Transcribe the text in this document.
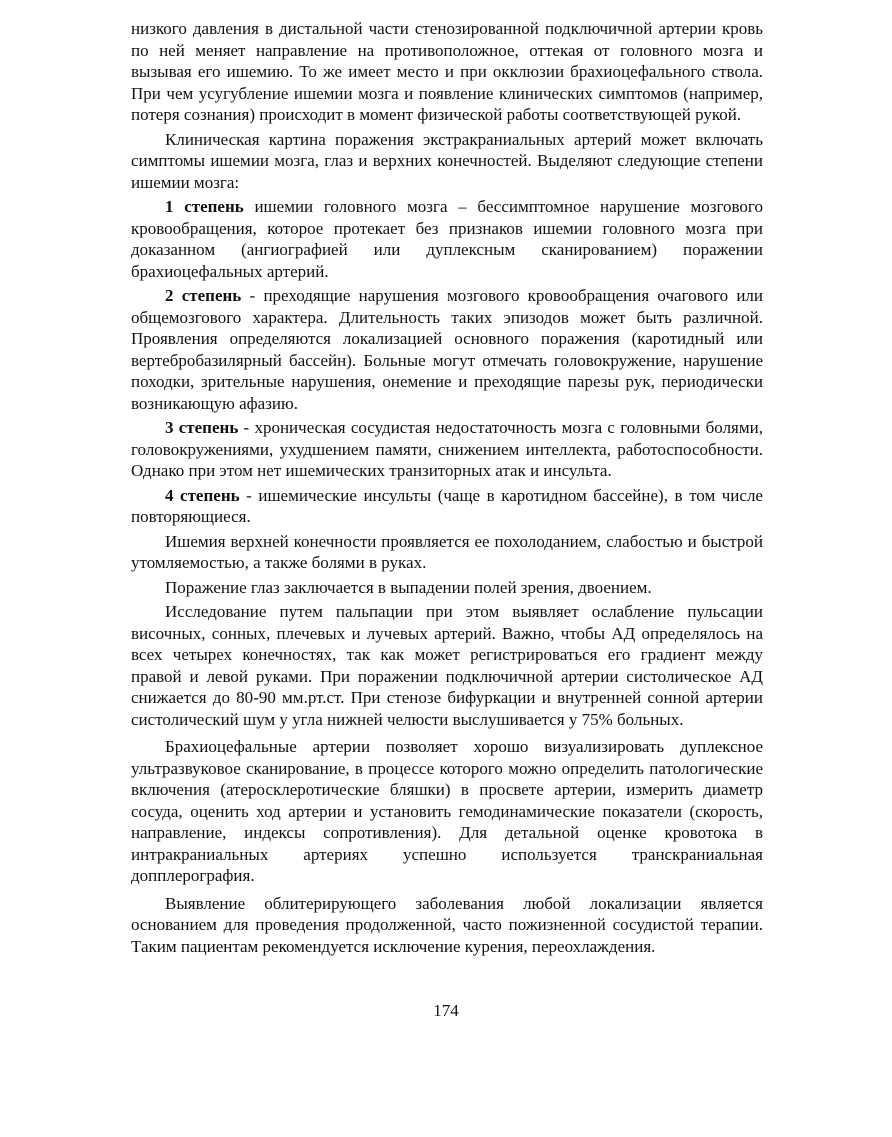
низкого давления в дистальной части стенозированной подключичной артерии кровь по ней меняет направление на противоположное, оттекая от головного мозга и вызывая его ишемию. То же имеет место и при окклюзии брахиоцефального ствола. При чем усугубление ишемии мозга и появление клинических симптомов (например, потеря сознания) происходит в момент физической работы соответствующей рукой.

Клиническая картина поражения экстракраниальных артерий может включать симптомы ишемии мозга, глаз и верхних конечностей. Выделяют следующие степени ишемии мозга:

1 степень ишемии головного мозга – бессимптомное нарушение мозгового кровообращения, которое протекает без признаков ишемии головного мозга при доказанном (ангиографией или дуплексным сканированием) поражении брахиоцефальных артерий.

2 степень - преходящие нарушения мозгового кровообращения очагового или общемозгового характера. Длительность таких эпизодов может быть различной. Проявления определяются локализацией основного поражения (каротидный или вертебробазилярный бассейн). Больные могут отмечать головокружение, нарушение походки, зрительные нарушения, онемение и преходящие парезы рук, периодически возникающую афазию.

3 степень - хроническая сосудистая недостаточность мозга с головными болями, головокружениями, ухудшением памяти, снижением интеллекта, работоспособности. Однако при этом нет ишемических транзиторных атак и инсульта.

4 степень - ишемические инсульты (чаще в каротидном бассейне), в том числе повторяющиеся.

Ишемия верхней конечности проявляется ее похолоданием, слабостью и быстрой утомляемостью, а также болями в руках.

Поражение глаз заключается в выпадении полей зрения, двоением.

Исследование путем пальпации при этом выявляет ослабление пульсации височных, сонных, плечевых и лучевых артерий. Важно, чтобы АД определялось на всех четырех конечностях, так как может регистрироваться его градиент между правой и левой руками. При поражении подключичной артерии систолическое АД снижается до 80-90 мм.рт.ст. При стенозе бифуркации и внутренней сонной артерии систолический шум у угла нижней челюсти выслушивается у 75% больных.

Брахиоцефальные артерии позволяет хорошо визуализировать дуплексное ультразвуковое сканирование, в процессе которого можно определить патологические включения (атеросклеротические бляшки) в просвете артерии, измерить диаметр сосуда, оценить ход артерии и установить гемодинамические показатели (скорость, направление, индексы сопротивления). Для детальной оценке кровотока в интракраниальных артериях успешно используется транскраниальная допплерография.

Выявление облитерирующего заболевания любой локализации является основанием для проведения продолженной, часто пожизненной сосудистой терапии. Таким пациентам рекомендуется исключение курения, переохлаждения.

174
